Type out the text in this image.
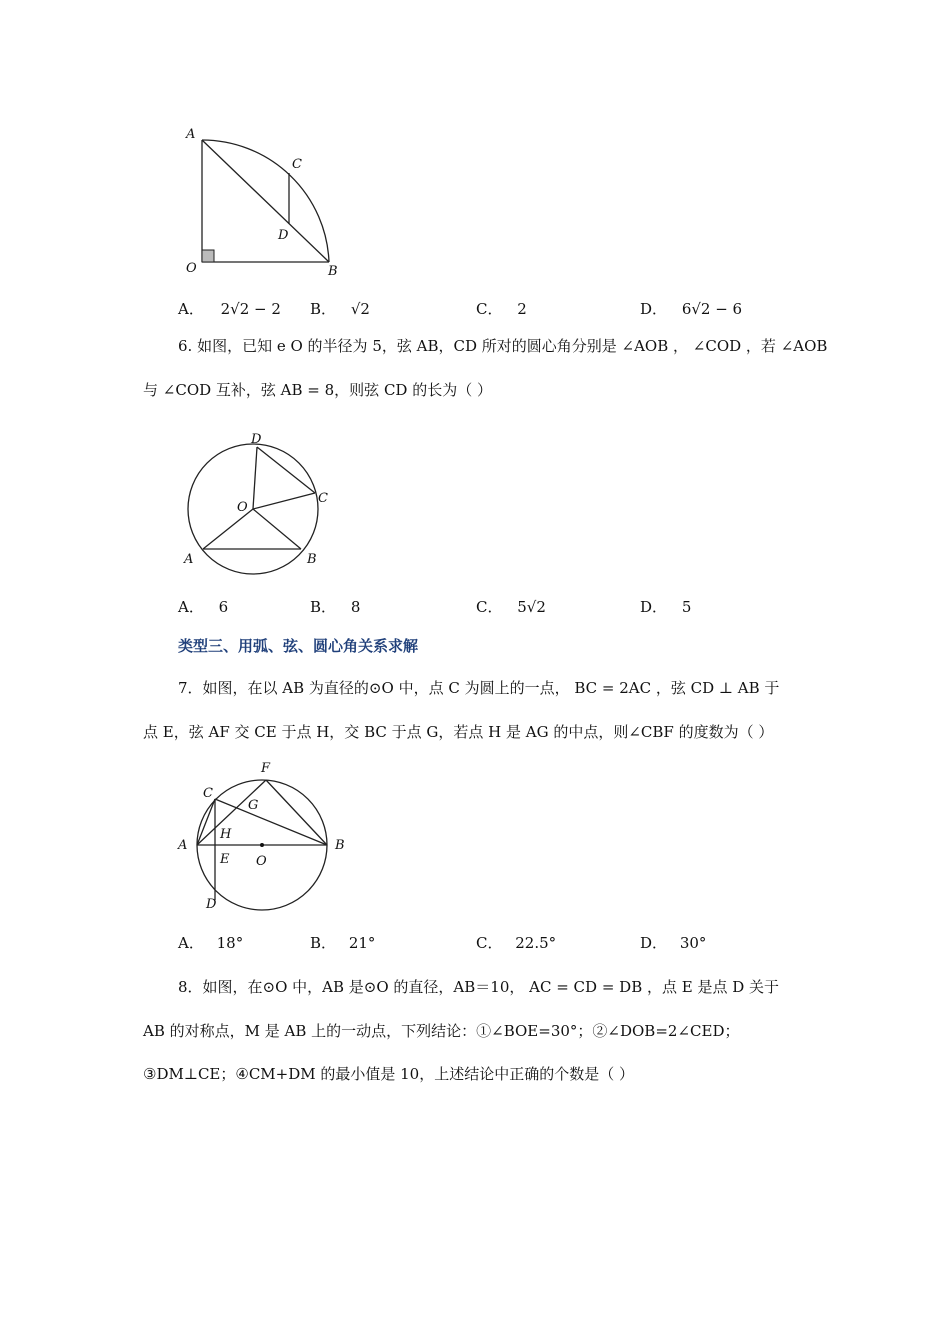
A
C
D
O	B
A． 2√2 − 2 B． √2	C． 2	D． 6√2 − 6
6. 如图，已知 e O 的半径为 5，弦 AB，CD 所对的圆心角分别是 ∠AOB ， ∠COD ，若 ∠AOB
与 ∠COD 互补，弦 AB = 8，则弦 CD 的长为（ ）
D
O
C
A	B
A． 6	B． 8	C． 5√2	D． 5
类型三、用弧、弦、圆心角关系求解
7．如图，在以 AB 为直径的⊙O 中，点 C 为圆上的一点， BC = 2AC ，弦 CD ⊥ AB 于
点 E，弦 AF 交 CE 于点 H，交 BC 于点 G，若点 H 是 AG 的中点，则∠CBF 的度数为（ ）
F
C
G
H
A
E O
B
D
A． 18°	B． 21°	C． 22.5°	D． 30°
8．如图，在⊙O 中，AB 是⊙O 的直径，AB＝10， AC = CD = DB ，点 E 是点 D 关于
AB 的对称点，M 是 AB 上的一动点，下列结论：①∠BOE=30°；②∠DOB=2∠CED；
③DM⊥CE；④CM+DM 的最小值是 10，上述结论中正确的个数是（ ）
